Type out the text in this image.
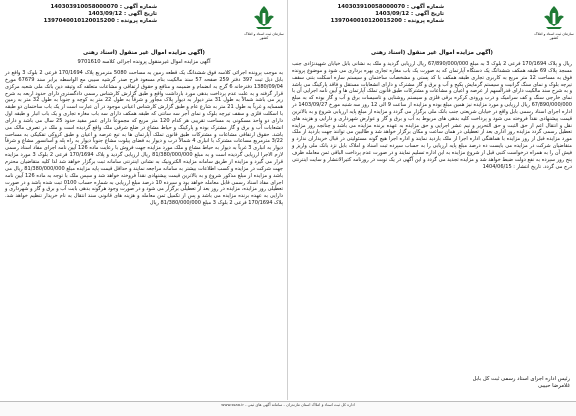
شماره آگهی : 140303910058000070
تاریخ آگهی : 1403/09/12
شماره پرونده : 1397040010120015200
سازمان ثبت اسناد و املاک کشور
(آگهی مزایده اموال غیر منقول (اسناد رهنی
ریال و پلاک 170/1694 فرعی 2 بلوک 3 به مبلغ 67/890/000/000 ریال ارزیابی گردید و ملک به نشانی بابل خیابان شهیدنژادی جنب مسجد پلاک 69 طبقه همکف ششدانگ یک دستگاه آپارتمان که به صورت یک باب مغازه تجاری بهره برداری می شود و موضوع پرونده فوق به مساحت 12 متر مربع به کاربری تجاری طبقه همکف با کد پستی و مشخصات ساختمان و سیستم سازه اسکلت بتنی سقف تیرچه بلوک و نمای سنگ گرانیت و سیستم گرمایش پکیج و آب و برق و گاز مشترک و دارای انشعابات مستقل و فاقد پارکینگ می باشد و به شرح سند مالکیت دارای قدرالسهم از عرصه و اعیان و مشاعات و مشترکات طبق قانون تملک آپارتمان ها و آیین نامه اجرایی آن با نمای خارجی سنگ و کف سرامیک و درب ورودی کرکره برقی فلزی و سیستم روشنایی و تاسیسات برق و آب و گاز بوده که به مبلغ 67/890/000/000 ریال ارزیابی و مورد مزایده نیز همین مبلغ بوده و مزایده از ساعت 9 الی 12 روز سه شنبه مورخ 1403/09/27 در اداره اجرای اسناد رسمی بابل واقع در خیابان شریعتی جنب بانک ملی برگزار می گردد و مزایده از مبلغ پایه ارزیابی شروع و به بالاترین قیمت پیشنهادی نقداً فروخته می شود و پرداخت کلیه بدهی های مربوط به آب و برق و گاز و عوارض شهرداری و دارایی و هزینه های نقل و انتقال اعم از حق الثبت و حق التحریر و نیم عشر اجرایی و حق مزایده به عهده برنده مزایده می باشد و چنانچه روز مزایده تعطیل رسمی گردد مزایده روز اداری بعد از تعطیلی در همان ساعت و مکان برگزار خواهد شد و طالبین می توانند جهت بازدید از ملک مورد مزایده قبل از روز مزایده با هماهنگی اداره اجرا از ملک بازدید نمایند و اداره اجرا هیچ گونه مسئولیتی در قبال خریداران ندارد و متقاضیان شرکت در مزایده می بایست ده درصد مبلغ پایه ارزیابی را به حساب سپرده ثبت اسناد و املاک بابل نزد بانک ملی واریز و فیش آن را به همراه درخواست کتبی قبل از شروع مزایده به این اداره تسلیم نمایند و در صورت عدم پرداخت الباقی ثمن معامله ظرف پنج روز سپرده به نفع دولت ضبط خواهد شد و مزایده تجدید می گردد و این آگهی در یک نوبت در روزنامه کثیرالانتشار و سایت اینترنتی درج می گردد. تاریخ انتشار : 1404/06/15
رئیس اداره اجرای اسناد رسمی ثبت کل بابل
غلامرضا حبیبی
شماره آگهی : 140303910058000070
تاریخ آگهی : 1403/09/12
شماره پرونده : 1397040010120015200
سازمان ثبت اسناد و املاک کشور
(آگهی مزایده اموال غیر منقول (اسناد رهنی
آگهی مزایده اموال غیرمنقول پرونده اجرائی کلاسه 9701610
به موجب پرونده اجرائی کلاسه فوق ششدانگ یک قطعه زمین به مساحت 5080 مترمربع پلاک 170/1694 فرعی 2 بلوک 3 واقع در بابل ذیل ثبت 397 دفتر 259 صفحه 57 سند مالکیت بنام مسعود فرح صدر گرشیه سیبی مع الواسطه برابر سند 67679 مورخ 1380/09/04 دفترخانه 6 گرج به انضمام و ضمیمه و منافع و حقوق ارتفاقی و مشاعات متعلقه که وثیقه دین بانک ملی شعبه مرکزی قرار گرفته و به علت عدم پرداخت بدهی مورد بازداشت واقع و طبق گزارش کارشناس رسمی دادگستری دارای حدود اربعه به شرح زیر می باشد شمالاً به طول 31 متر دیوار به دیوار پلاک مجاور و شرقاً به طول 22 متر به کوچه و جنوباً به طول 32 متر به زمین همسایه و غرباً به طول 21 متر به شارع عام و طبق گزارش کارشناس اعیانی موجود در آن عبارت است از یک باب ساختمان دو طبقه با اسکلت فلزی و سقف تیرچه بلوک و نمای آجر سه سانتی که طبقه همکف دارای سه باب مغازه تجاری و یک باب انبار و طبقه اول دارای دو واحد مسکونی به مساحت تقریبی هر کدام 120 متر مربع که مجموعاً دارای عمر مفید حدود 25 سال می باشد و دارای انشعابات آب و برق و گاز مشترک بوده و پارکینگ و حیاط مشاع در ضلع شرقی ملک واقع گردیده است و ملک در تصرف مالک می باشد. حقوق ارتفاقی مشاعات و مشترکات طبق قانون تملک آپارتمان ها به تبع عرصه و اعیان و طبق کروکی تفکیکی به مساحت 3/22 مترمربع مساعات مشترک با انباری 4 شمالاً درب و دیوار به فضای پیلوت مشاع جنوباً دیوار به راه پله و آسانسور مشاع و شرقاً دیوار به انباری 3 غرباً به دیوار به حیاط مشاع و ملک مورد مزایده جهت فروش با رعایت ماده 126 آیین نامه اجرای مفاد اسناد رسمی لازم الاجرا ارزیابی گردیده است و به مبلغ 81/380/000/000 ریال ارزیابی گردید و پلاک 170/1694 فرعی 2 بلوک 3 مورد مزایده قرار می گیرد و مزایده از طریق سامانه مزایده الکترونیک به نشانی اینترنتی سامانه ثبت برگزار خواهد شد لذا کلیه متقاضیان محترم جهت شرکت در مزایده و کسب اطلاعات بیشتر به سامانه مراجعه نمایند و حداقل قیمت پایه مزایده مبلغ 81/380/000/000 ریال می باشد و مزایده از مبلغ مذکور شروع و به بالاترین قیمت پیشنهادی نقداً فروخته خواهد شد و سپس ملک با توجه به ماده 126 آیین نامه اجرای مفاد اسناد رسمی قابل معامله خواهد بود و سپرده 10 درصد مبلغ ارزیابی به شماره حساب 0100 ثبت شده باشد و در صورت تعطیلی روز مزایده، مزایده در روز بعد از تعطیلی برگزار می شود و در صورت وجود هرگونه بدهی بابت آب و برق و گاز و شهرداری و دارایی به عهده برنده مزایده می باشد و پس از تکمیل ثمن معامله و هزینه های قانونی سند انتقال به نام خریدار تنظیم خواهد شد. پلاک 170/1694 فرعی 2 بلوک 3 مبلغ 81/380/000/000 ریال
اداره کل ثبت اسناد و املاک استان مازندران - سامانه آگهی های ثبتی - www.ssaa.ir
